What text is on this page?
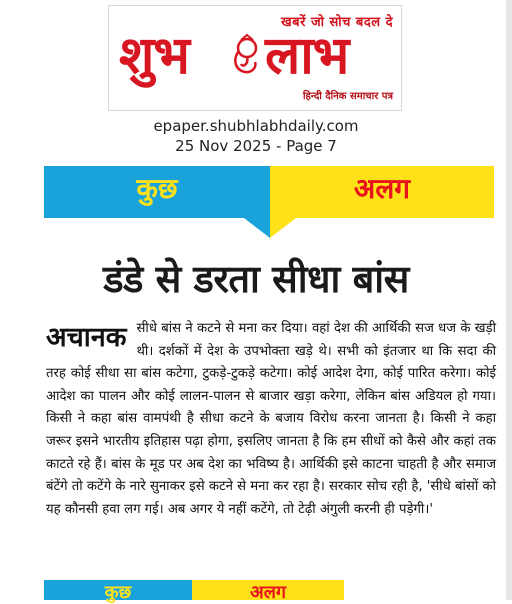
खबरें जो सोच बदल दे
शुभ लाभ
हिन्दी दैनिक समाचार पत्र
epaper.shubhlabhdaily.com
25 Nov 2025 - Page 7
कुछ	अलग
डंडे से डरता सीधा बांस
अचानक सीधे बांस ने कटने से मना कर दिया। वहां देश की आर्थिकी सज धज के खड़ी थी। दर्शकों में देश के उपभोक्ता खड़े थे। सभी को इंतजार था कि सदा की तरह कोई सीधा सा बांस कटेगा, टुकड़े-टुकड़े कटेगा। कोई आदेश देगा, कोई पारित करेगा। कोई आदेश का पालन और कोई लालन-पालन से बाजार खड़ा करेगा, लेकिन बांस अडियल हो गया। किसी ने कहा बांस वामपंथी है सीधा कटने के बजाय विरोध करना जानता है। किसी ने कहा जरूर इसने भारतीय इतिहास पढ़ा होगा, इसलिए जानता है कि हम सीधों को कैसे और कहां तक काटते रहे हैं। बांस के मूड पर अब देश का भविष्य है। आर्थिकी इसे काटना चाहती है और समाज बंटेंगे तो कटेंगे के नारे सुनाकर इसे कटने से मना कर रहा है। सरकार सोच रही है, 'सीधे बांसों को यह कौनसी हवा लग गई। अब अगर ये नहीं कटेंगे, तो टेढ़ी अंगुली करनी ही पड़ेगी।'
कुछ	अलग
